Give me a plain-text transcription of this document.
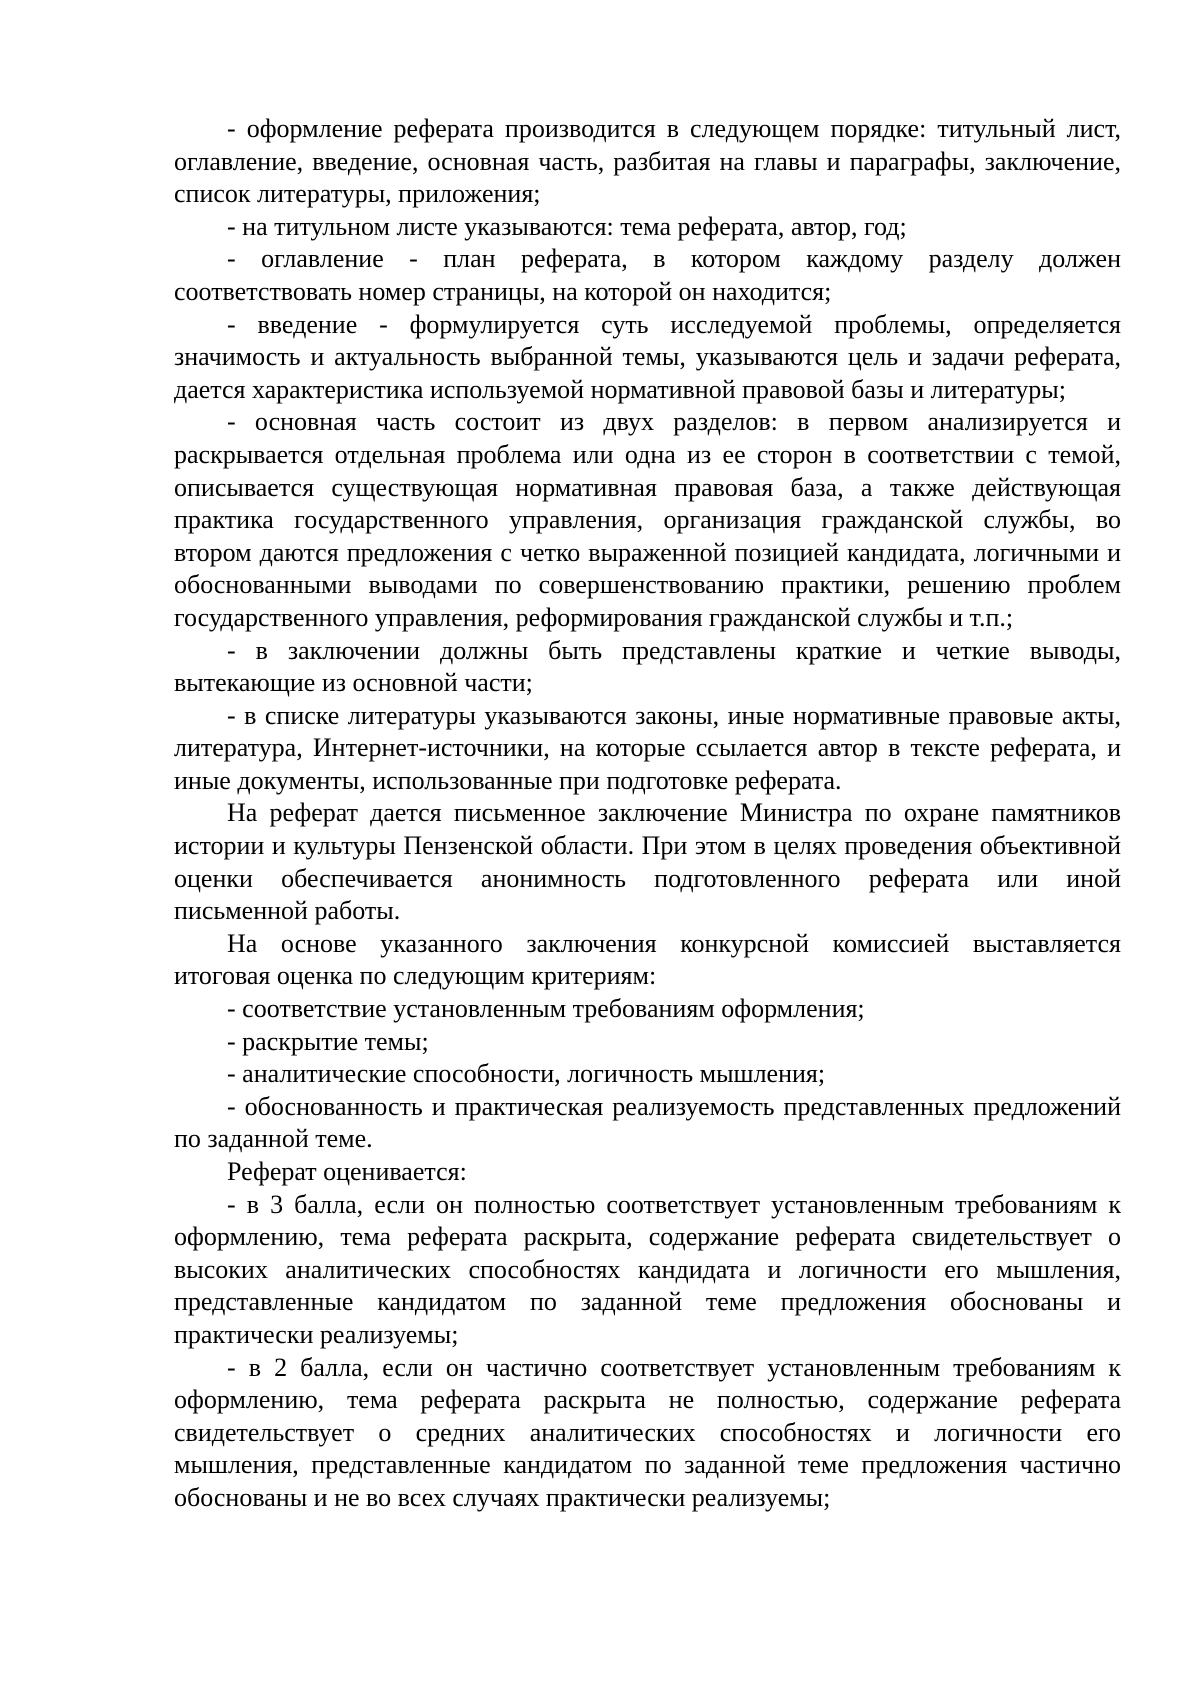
- оформление реферата производится в следующем порядке: титульный лист, оглавление, введение, основная часть, разбитая на главы и параграфы, заключение, список литературы, приложения;

- на титульном листе указываются: тема реферата, автор, год;

- оглавление - план реферата, в котором каждому разделу должен соответствовать номер страницы, на которой он находится;

- введение - формулируется суть исследуемой проблемы, определяется значимость и актуальность выбранной темы, указываются цель и задачи реферата, дается характеристика используемой нормативной правовой базы и литературы;

- основная часть состоит из двух разделов: в первом анализируется и раскрывается отдельная проблема или одна из ее сторон в соответствии с темой, описывается существующая нормативная правовая база, а также действующая практика государственного управления, организация гражданской службы, во втором даются предложения с четко выраженной позицией кандидата, логичными и обоснованными выводами по совершенствованию практики, решению проблем государственного управления, реформирования гражданской службы и т.п.;

- в заключении должны быть представлены краткие и четкие выводы, вытекающие из основной части;

- в списке литературы указываются законы, иные нормативные правовые акты, литература, Интернет-источники, на которые ссылается автор в тексте реферата, и иные документы, использованные при подготовке реферата.

На реферат дается письменное заключение Министра по охране памятников истории и культуры Пензенской области. При этом в целях проведения объективной оценки обеспечивается анонимность подготовленного реферата или иной письменной работы.

На основе указанного заключения конкурсной комиссией выставляется итоговая оценка по следующим критериям:

- соответствие установленным требованиям оформления;

- раскрытие темы;

- аналитические способности, логичность мышления;

- обоснованность и практическая реализуемость представленных предложений по заданной теме.

Реферат оценивается:

- в 3 балла, если он полностью соответствует установленным требованиям к оформлению, тема реферата раскрыта, содержание реферата свидетельствует о высоких аналитических способностях кандидата и логичности его мышления, представленные кандидатом по заданной теме предложения обоснованы и практически реализуемы;

- в 2 балла, если он частично соответствует установленным требованиям к оформлению, тема реферата раскрыта не полностью, содержание реферата свидетельствует о средних аналитических способностях и логичности его мышления, представленные кандидатом по заданной теме предложения частично обоснованы и не во всех случаях практически реализуемы;
